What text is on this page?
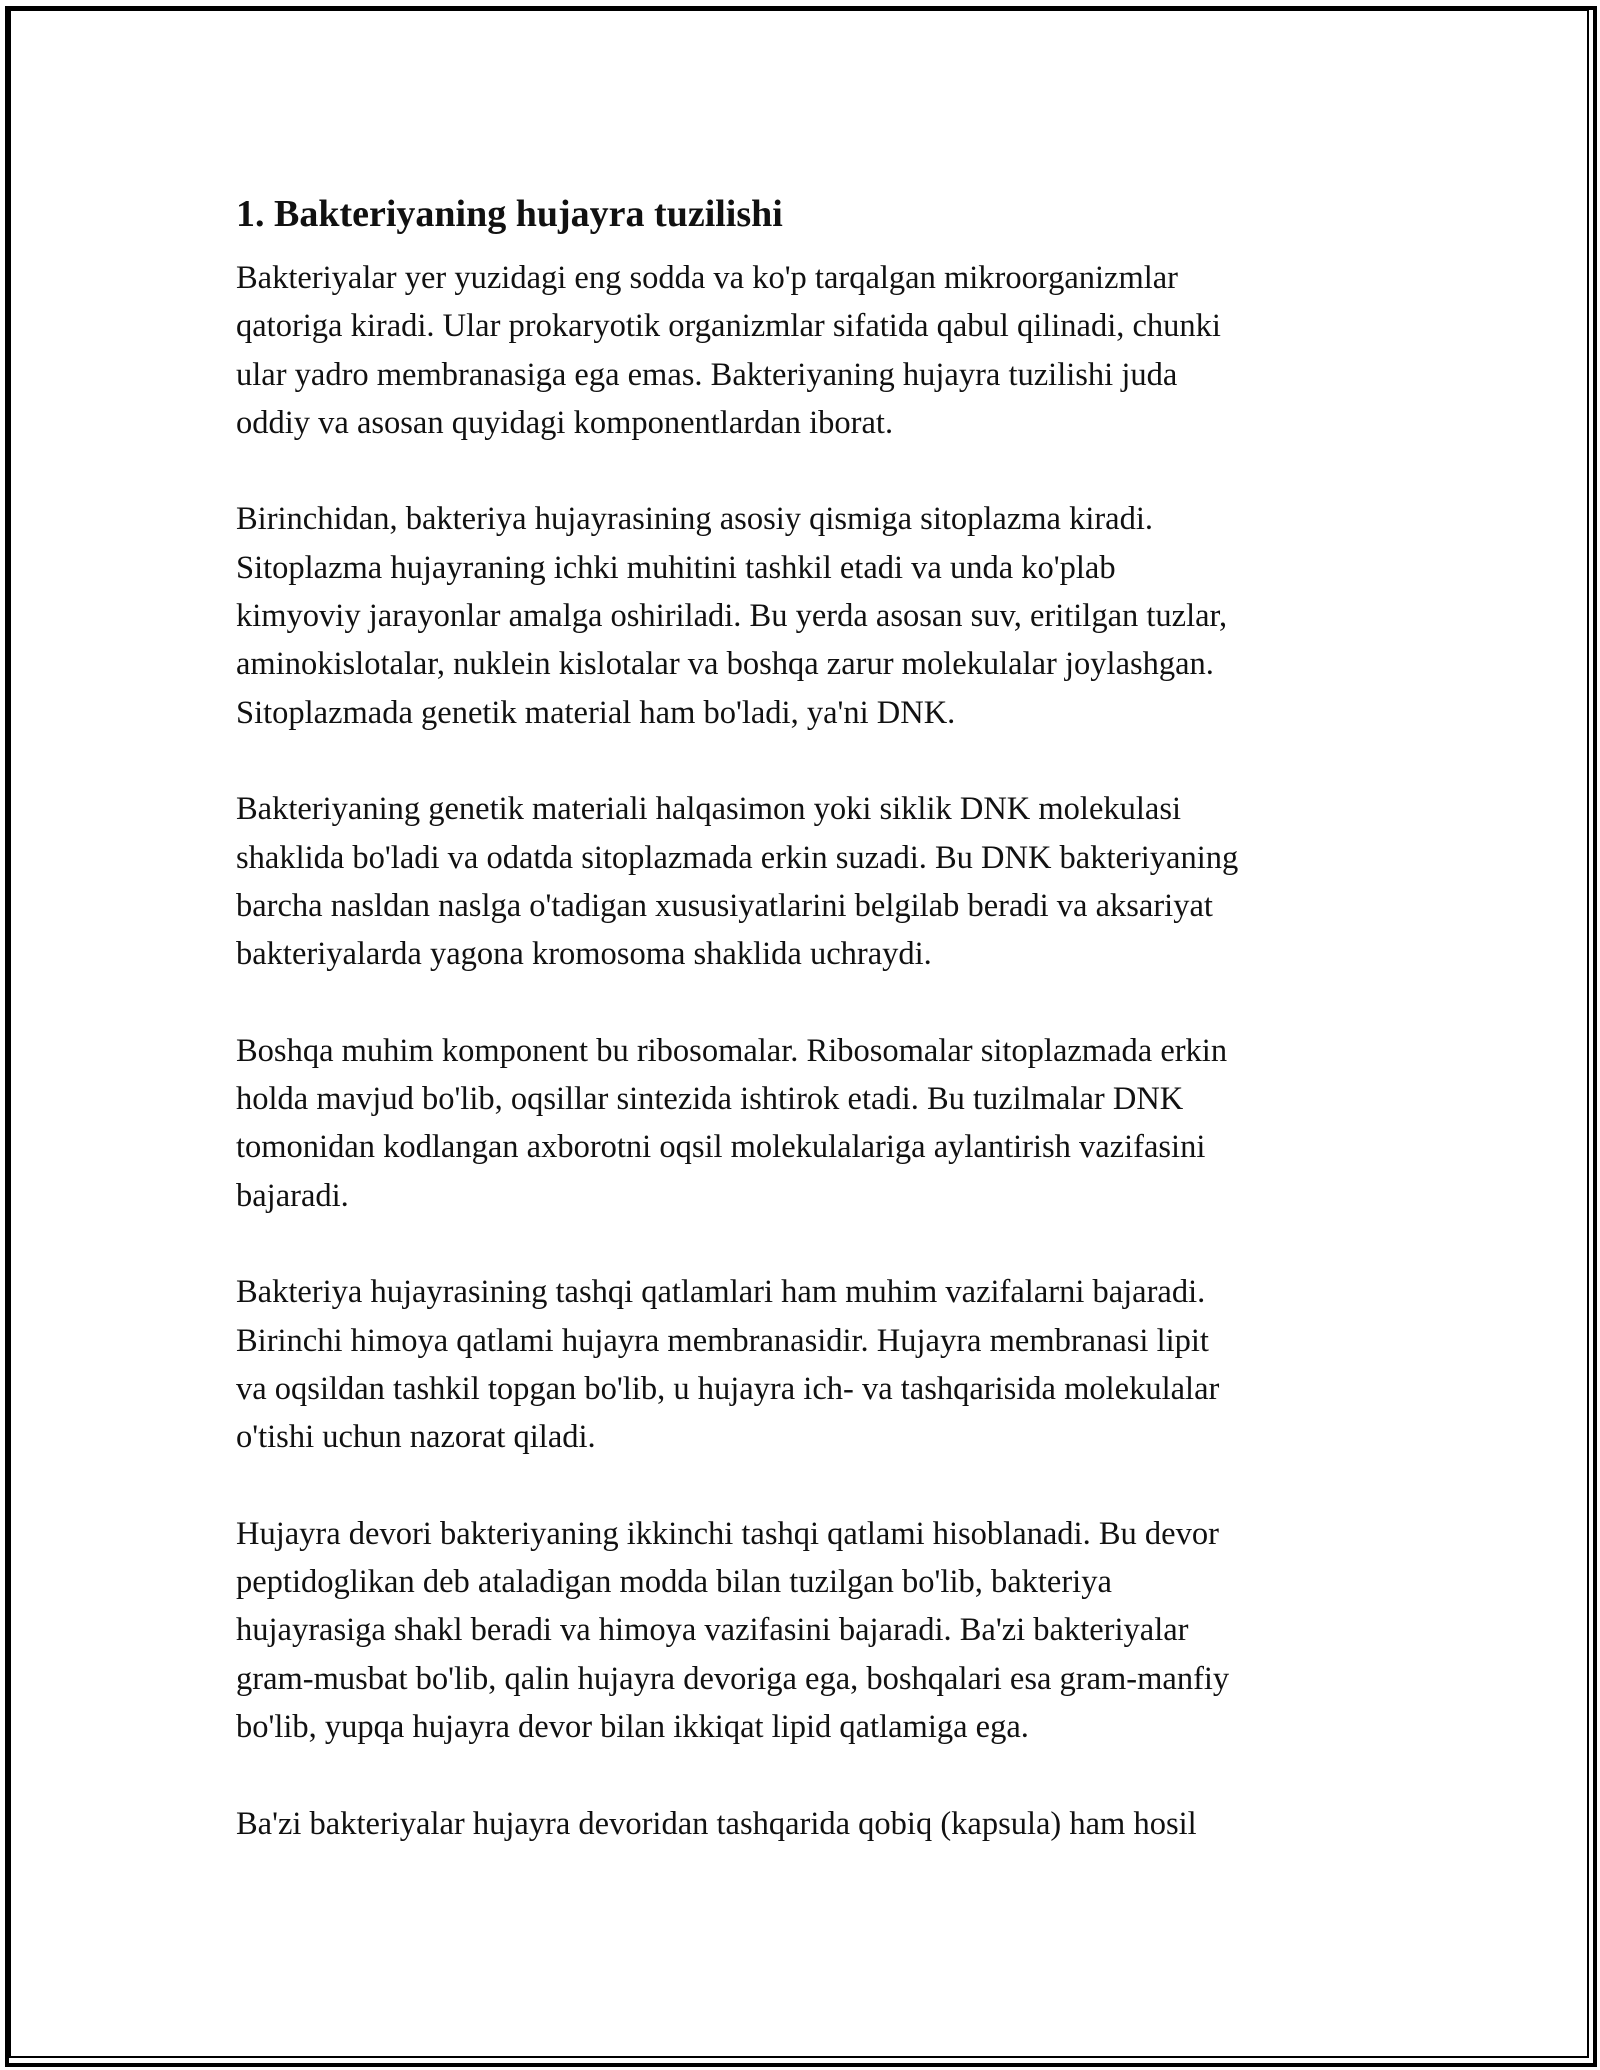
1. Bakteriyaning hujayra tuzilishi

Bakteriyalar yer yuzidagi eng sodda va ko'p tarqalgan mikroorganizmlar
qatoriga kiradi. Ular prokaryotik organizmlar sifatida qabul qilinadi, chunki
ular yadro membranasiga ega emas. Bakteriyaning hujayra tuzilishi juda
oddiy va asosan quyidagi komponentlardan iborat.

Birinchidan, bakteriya hujayrasining asosiy qismiga sitoplazma kiradi.
Sitoplazma hujayraning ichki muhitini tashkil etadi va unda ko'plab
kimyoviy jarayonlar amalga oshiriladi. Bu yerda asosan suv, eritilgan tuzlar,
aminokislotalar, nuklein kislotalar va boshqa zarur molekulalar joylashgan.
Sitoplazmada genetik material ham bo'ladi, ya'ni DNK.

Bakteriyaning genetik materiali halqasimon yoki siklik DNK molekulasi
shaklida bo'ladi va odatda sitoplazmada erkin suzadi. Bu DNK bakteriyaning
barcha nasldan naslga o'tadigan xususiyatlarini belgilab beradi va aksariyat
bakteriyalarda yagona kromosoma shaklida uchraydi.

Boshqa muhim komponent bu ribosomalar. Ribosomalar sitoplazmada erkin
holda mavjud bo'lib, oqsillar sintezida ishtirok etadi. Bu tuzilmalar DNK
tomonidan kodlangan axborotni oqsil molekulalariga aylantirish vazifasini
bajaradi.

Bakteriya hujayrasining tashqi qatlamlari ham muhim vazifalarni bajaradi.
Birinchi himoya qatlami hujayra membranasidir. Hujayra membranasi lipit
va oqsildan tashkil topgan bo'lib, u hujayra ich- va tashqarisida molekulalar
o'tishi uchun nazorat qiladi.

Hujayra devori bakteriyaning ikkinchi tashqi qatlami hisoblanadi. Bu devor
peptidoglikan deb ataladigan modda bilan tuzilgan bo'lib, bakteriya
hujayrasiga shakl beradi va himoya vazifasini bajaradi. Ba'zi bakteriyalar
gram-musbat bo'lib, qalin hujayra devoriga ega, boshqalari esa gram-manfiy
bo'lib, yupqa hujayra devor bilan ikkiqat lipid qatlamiga ega.

Ba'zi bakteriyalar hujayra devoridan tashqarida qobiq (kapsula) ham hosil
